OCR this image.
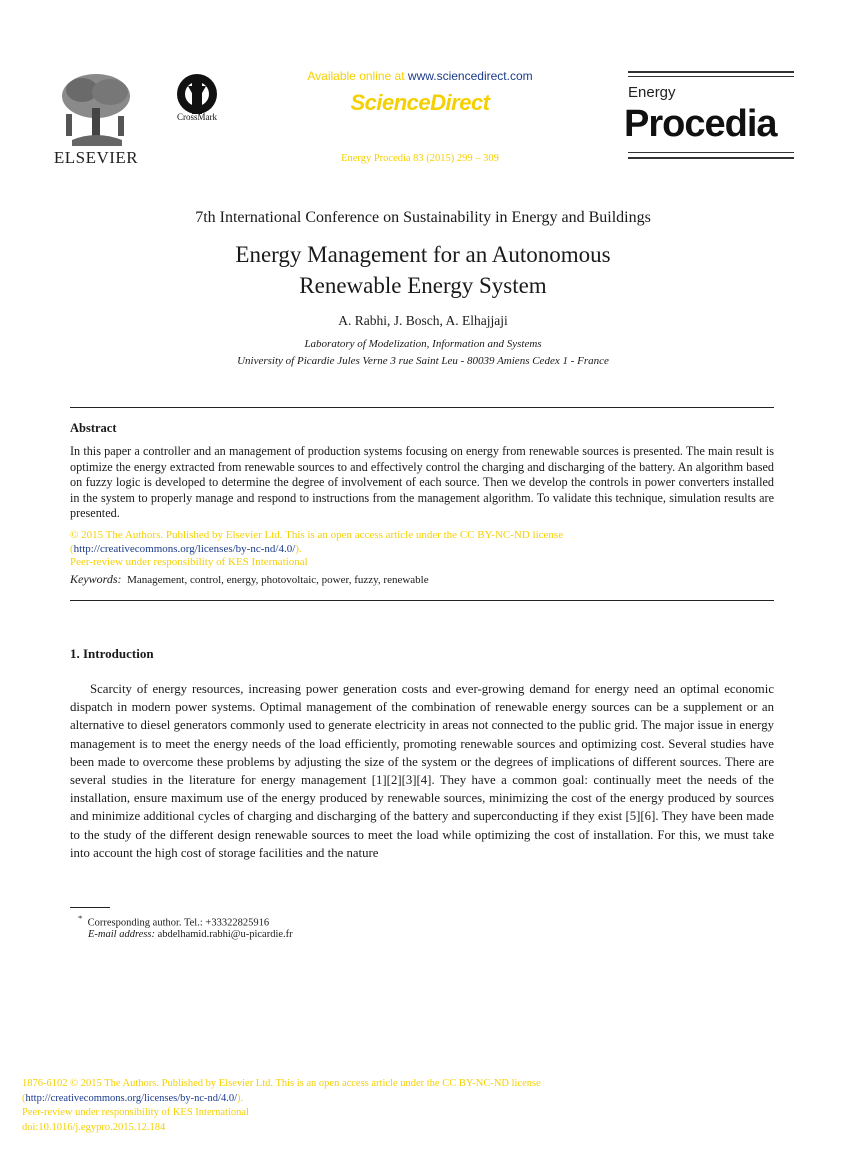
ELSEVIER
CrossMark
Available online at www.sciencedirect.com
ScienceDirect
Energy Procedia 83 (2015) 299 – 309
Energy
Procedia
7th International Conference on Sustainability in Energy and Buildings
Energy Management for an Autonomous
Renewable Energy System
A. Rabhi, J. Bosch, A. Elhajjaji
Laboratory of Modelization, Information and Systems
University of Picardie Jules Verne 3 rue Saint Leu - 80039 Amiens Cedex 1 - France
Abstract
In this paper a controller and an management of production systems focusing on energy from renewable sources is presented. The main result is optimize the energy extracted from renewable sources to and effectively control the charging and discharging of the battery. An algorithm based on fuzzy logic is developed to determine the degree of involvement of each source. Then we develop the controls in power converters installed in the system to properly manage and respond to instructions from the management algorithm. To validate this technique, simulation results are presented.
© 2015 The Authors. Published by Elsevier Ltd. This is an open access article under the CC BY-NC-ND license
(http://creativecommons.org/licenses/by-nc-nd/4.0/).
Peer-review under responsibility of KES International
Keywords: Management, control, energy, photovoltaic, power, fuzzy, renewable
1. Introduction
Scarcity of energy resources, increasing power generation costs and ever-growing demand for energy need an optimal economic dispatch in modern power systems. Optimal management of the combination of renewable energy sources can be a supplement or an alternative to diesel generators commonly used to generate electricity in areas not connected to the public grid. The major issue in energy management is to meet the energy needs of the load efficiently, promoting renewable sources and optimizing cost. Several studies have been made to overcome these problems by adjusting the size of the system or the degrees of implications of different sources. There are several studies in the literature for energy management [1][2][3][4]. They have a common goal: continually meet the needs of the installation, ensure maximum use of the energy produced by renewable sources, minimizing the cost of the energy produced by sources and minimize additional cycles of charging and discharging of the battery and superconducting if they exist [5][6]. They have been made to the study of the different design renewable sources to meet the load while optimizing the cost of installation. For this, we must take into account the high cost of storage facilities and the nature
* Corresponding author. Tel.: +33322825916
E-mail address: abdelhamid.rabhi@u-picardie.fr
1876-6102 © 2015 The Authors. Published by Elsevier Ltd. This is an open access article under the CC BY-NC-ND license
(http://creativecommons.org/licenses/by-nc-nd/4.0/).
Peer-review under responsibility of KES International
doi:10.1016/j.egypro.2015.12.184
